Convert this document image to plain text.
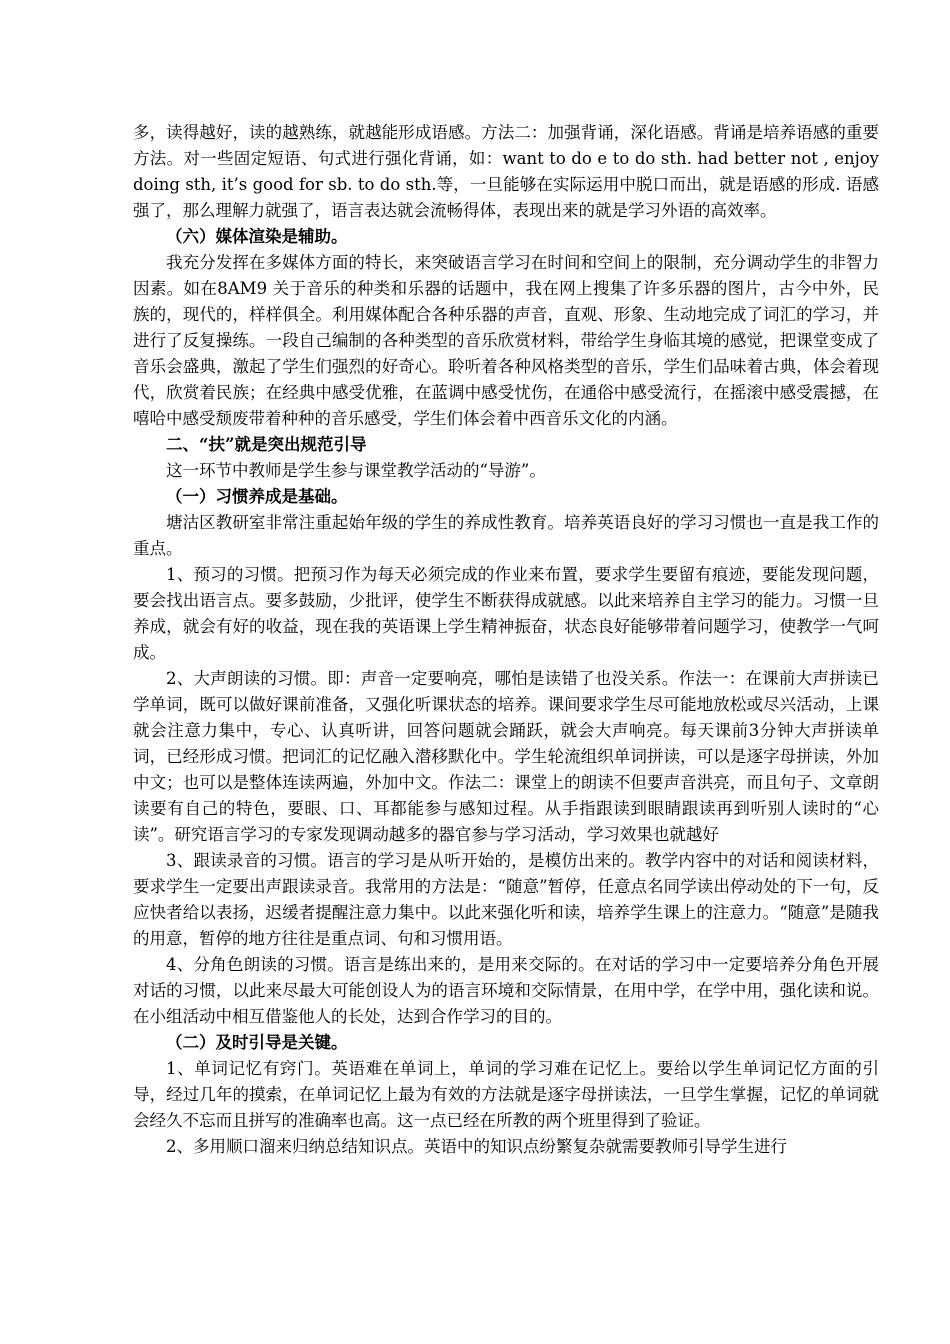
多，读得越好，读的越熟练，就越能形成语感。方法二：加强背诵，深化语感。背诵是培养语感的重要方法。对一些固定短语、句式进行强化背诵，如：want to do e to do sth. had better not , enjoy doing sth, it’s good for sb. to do sth.等，一旦能够在实际运用中脱口而出，就是语感的形成. 语感强了，那么理解力就强了，语言表达就会流畅得体，表现出来的就是学习外语的高效率。

（六）媒体渲染是辅助。

我充分发挥在多媒体方面的特长，来突破语言学习在时间和空间上的限制，充分调动学生的非智力因素。如在8AM9 关于音乐的种类和乐器的话题中，我在网上搜集了许多乐器的图片，古今中外，民族的，现代的，样样俱全。利用媒体配合各种乐器的声音，直观、形象、生动地完成了词汇的学习，并进行了反复操练。一段自己编制的各种类型的音乐欣赏材料，带给学生身临其境的感觉，把课堂变成了音乐会盛典，激起了学生们强烈的好奇心。聆听着各种风格类型的音乐，学生们品味着古典，体会着现代，欣赏着民族；在经典中感受优雅，在蓝调中感受忧伤，在通俗中感受流行，在摇滚中感受震撼，在嘻哈中感受颓废带着种种的音乐感受，学生们体会着中西音乐文化的内涵。

二、“扶”就是突出规范引导

这一环节中教师是学生参与课堂教学活动的“导游”。

（一）习惯养成是基础。

塘沽区教研室非常注重起始年级的学生的养成性教育。培养英语良好的学习习惯也一直是我工作的重点。

1、预习的习惯。把预习作为每天必须完成的作业来布置，要求学生要留有痕迹，要能发现问题，要会找出语言点。要多鼓励，少批评，使学生不断获得成就感。以此来培养自主学习的能力。习惯一旦养成，就会有好的收益，现在我的英语课上学生精神振奋，状态良好能够带着问题学习，使教学一气呵成。

2、大声朗读的习惯。即：声音一定要响亮，哪怕是读错了也没关系。作法一：在课前大声拼读已学单词，既可以做好课前准备，又强化听课状态的培养。课间要求学生尽可能地放松或尽兴活动，上课就会注意力集中，专心、认真听讲，回答问题就会踊跃，就会大声响亮。每天课前3分钟大声拼读单词，已经形成习惯。把词汇的记忆融入潜移默化中。学生轮流组织单词拼读，可以是逐字母拼读，外加中文；也可以是整体连读两遍，外加中文。作法二：课堂上的朗读不但要声音洪亮，而且句子、文章朗读要有自己的特色，要眼、口、耳都能参与感知过程。从手指跟读到眼睛跟读再到听别人读时的“心读”。研究语言学习的专家发现调动越多的器官参与学习活动，学习效果也就越好

3、跟读录音的习惯。语言的学习是从听开始的，是模仿出来的。教学内容中的对话和阅读材料，要求学生一定要出声跟读录音。我常用的方法是：“随意”暂停，任意点名同学读出停动处的下一句，反应快者给以表扬，迟缓者提醒注意力集中。以此来强化听和读，培养学生课上的注意力。“随意”是随我的用意，暂停的地方往往是重点词、句和习惯用语。

4、分角色朗读的习惯。语言是练出来的，是用来交际的。在对话的学习中一定要培养分角色开展对话的习惯，以此来尽最大可能创设人为的语言环境和交际情景，在用中学，在学中用，强化读和说。在小组活动中相互借鉴他人的长处，达到合作学习的目的。

（二）及时引导是关键。

1、单词记忆有窍门。英语难在单词上，单词的学习难在记忆上。要给以学生单词记忆方面的引导，经过几年的摸索，在单词记忆上最为有效的方法就是逐字母拼读法，一旦学生掌握，记忆的单词就会经久不忘而且拼写的准确率也高。这一点已经在所教的两个班里得到了验证。

2、多用顺口溜来归纳总结知识点。英语中的知识点纷繁复杂就需要教师引导学生进行
